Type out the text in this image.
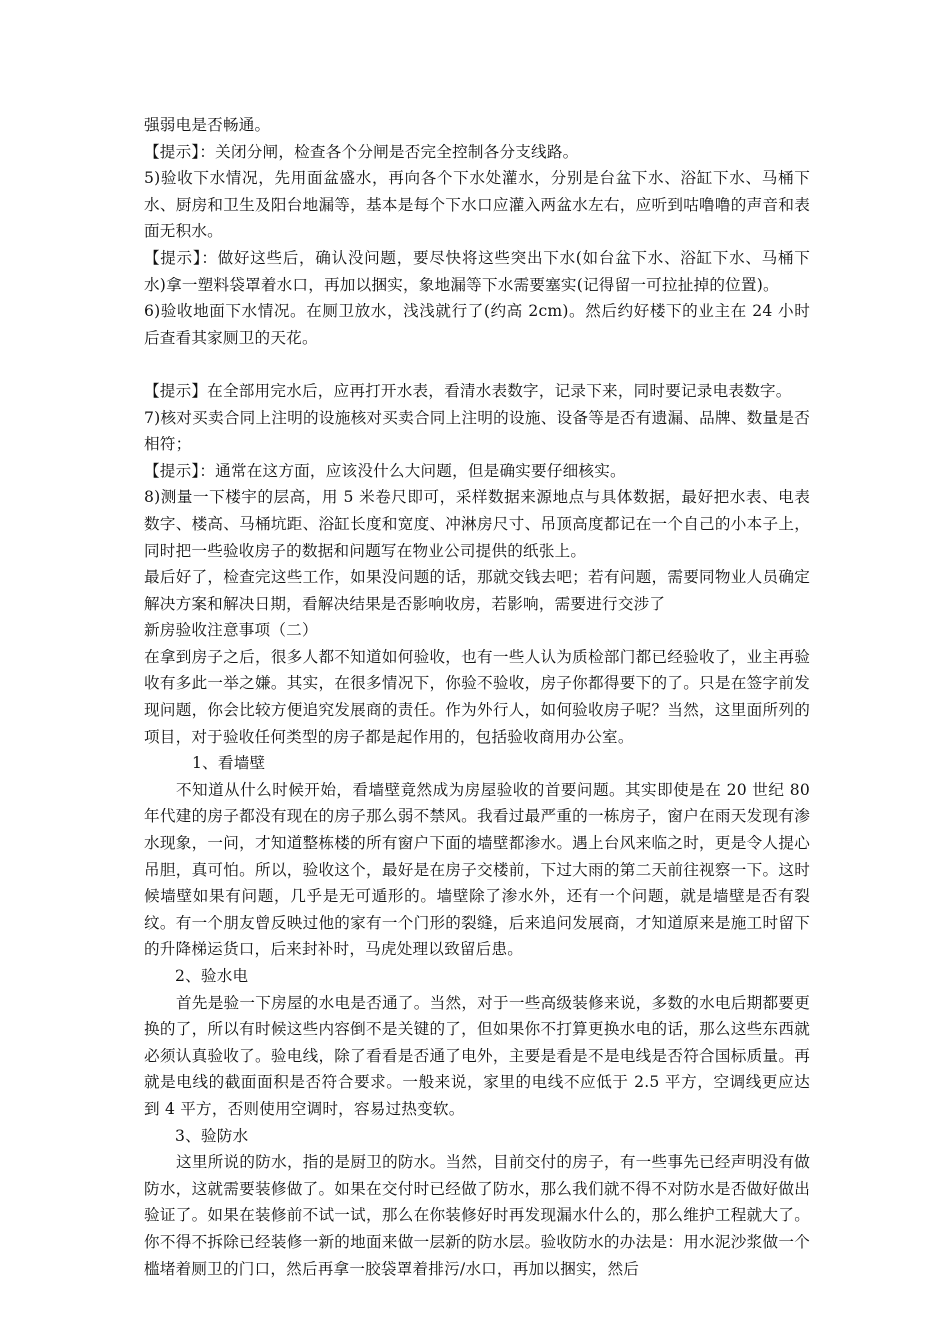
强弱电是否畅通。

【提示】：关闭分闸，检查各个分闸是否完全控制各分支线路。

5)验收下水情况，先用面盆盛水，再向各个下水处灌水，分别是台盆下水、浴缸下水、马桶下水、厨房和卫生及阳台地漏等，基本是每个下水口应灌入两盆水左右，应听到咕噜噜的声音和表面无积水。

【提示】：做好这些后，确认没问题，要尽快将这些突出下水(如台盆下水、浴缸下水、马桶下水)拿一塑料袋罩着水口，再加以捆实，象地漏等下水需要塞实(记得留一可拉扯掉的位置)。

6)验收地面下水情况。在厕卫放水，浅浅就行了(约高 2cm)。然后约好楼下的业主在 24 小时后查看其家厕卫的天花。

【提示】在全部用完水后，应再打开水表，看清水表数字，记录下来，同时要记录电表数字。

7)核对买卖合同上注明的设施核对买卖合同上注明的设施、设备等是否有遗漏、品牌、数量是否相符；

【提示】：通常在这方面，应该没什么大问题，但是确实要仔细核实。

8)测量一下楼宇的层高，用 5 米卷尺即可，采样数据来源地点与具体数据，最好把水表、电表数字、楼高、马桶坑距、浴缸长度和宽度、冲淋房尺寸、吊顶高度都记在一个自己的小本子上，同时把一些验收房子的数据和问题写在物业公司提供的纸张上。

最后好了，检查完这些工作，如果没问题的话，那就交钱去吧；若有问题，需要同物业人员确定解决方案和解决日期，看解决结果是否影响收房，若影响，需要进行交涉了

新房验收注意事项（二）

在拿到房子之后，很多人都不知道如何验收，也有一些人认为质检部门都已经验收了，业主再验收有多此一举之嫌。其实，在很多情况下，你验不验收，房子你都得要下的了。只是在签字前发现问题，你会比较方便追究发展商的责任。作为外行人，如何验收房子呢？当然，这里面所列的项目，对于验收任何类型的房子都是起作用的，包括验收商用办公室。

1、看墙壁

不知道从什么时候开始，看墙壁竟然成为房屋验收的首要问题。其实即使是在 20 世纪 80 年代建的房子都没有现在的房子那么弱不禁风。我看过最严重的一栋房子，窗户在雨天发现有渗水现象，一问，才知道整栋楼的所有窗户下面的墙壁都渗水。遇上台风来临之时，更是令人提心吊胆，真可怕。所以，验收这个，最好是在房子交楼前，下过大雨的第二天前往视察一下。这时候墙壁如果有问题，几乎是无可遁形的。墙壁除了渗水外，还有一个问题，就是墙壁是否有裂纹。有一个朋友曾反映过他的家有一个门形的裂缝，后来追问发展商，才知道原来是施工时留下的升降梯运货口，后来封补时，马虎处理以致留后患。

2、验水电

首先是验一下房屋的水电是否通了。当然，对于一些高级装修来说，多数的水电后期都要更换的了，所以有时候这些内容倒不是关键的了，但如果你不打算更换水电的话，那么这些东西就必须认真验收了。验电线，除了看看是否通了电外，主要是看是不是电线是否符合国标质量。再就是电线的截面面积是否符合要求。一般来说，家里的电线不应低于 2.5 平方，空调线更应达到 4 平方，否则使用空调时，容易过热变软。

3、验防水

这里所说的防水，指的是厨卫的防水。当然，目前交付的房子，有一些事先已经声明没有做防水，这就需要装修做了。如果在交付时已经做了防水，那么我们就不得不对防水是否做好做出验证了。如果在装修前不试一试，那么在你装修好时再发现漏水什么的，那么维护工程就大了。你不得不拆除已经装修一新的地面来做一层新的防水层。验收防水的办法是：用水泥沙浆做一个槛堵着厕卫的门口，然后再拿一胶袋罩着排污/水口，再加以捆实，然后
